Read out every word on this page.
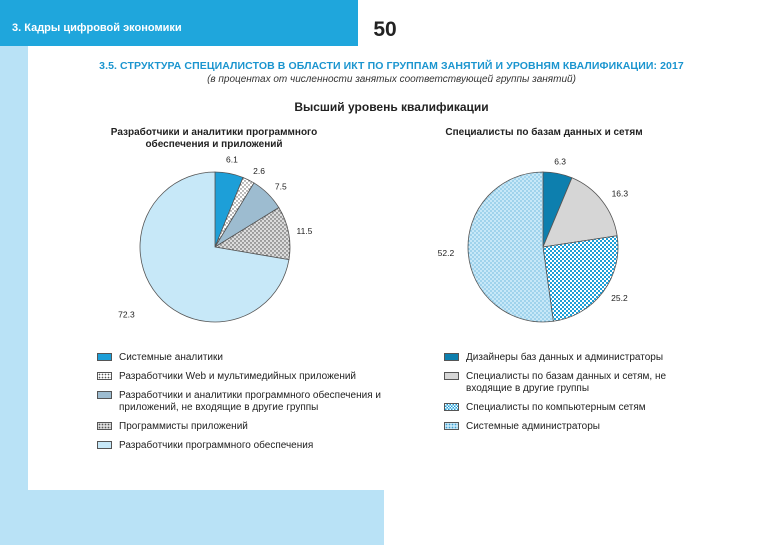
3. Кадры цифровой экономики	50
3.5. СТРУКТУРА СПЕЦИАЛИСТОВ В ОБЛАСТИ ИКТ ПО ГРУППАМ ЗАНЯТИЙ И УРОВНЯМ КВАЛИФИКАЦИИ: 2017
(в процентах от численности занятых соответствующей группы занятий)
Высший уровень квалификации
Разработчики и аналитики программного обеспечения и приложений
Специалисты по базам данных и сетям
6.1
2.6
7.5
11.5
72.3
6.3
16.3
25.2
52.2
Системные аналитики
Разработчики Web и мультимедийных приложений
Разработчики и аналитики программного обеспечения и приложений, не входящие в другие группы
Программисты приложений
Разработчики программного обеспечения
Дизайнеры баз данных и администраторы
Специалисты по базам данных и сетям, не входящие в другие группы
Специалисты по компьютерным сетям
Системные администраторы
